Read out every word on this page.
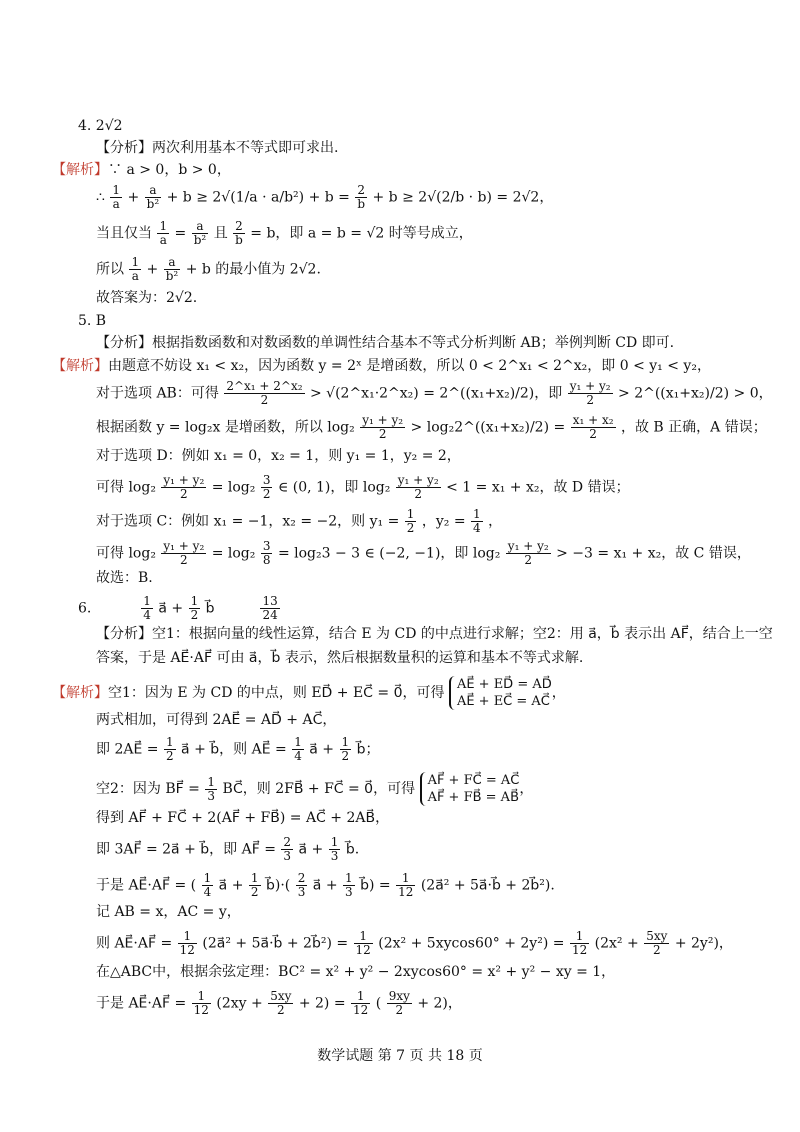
4. 2√2
【分析】两次利用基本不等式即可求出.
【解析】∵ a > 0，b > 0，
∴ $\frac{1}{a} + \frac{a}{\text{b²}} + b \ge 2√(1/a \cdot a/b^2) + b = \frac{2}{b} + b \ge 2√(2/b \cdot b) = 2√2$，
当且仅当 $\frac{1}{a} = \frac{a}{\text{b²}}$ 且 $\frac{2}{b} = b$，即 a = b = √2 时等号成立，
所以 $\frac{1}{a} + \frac{a}{\text{b²}} + b$ 的最小值为 2√2.
故答案为：2√2.
5. B
【分析】根据指数函数和对数函数的单调性结合基本不等式分析判断 AB；举例判断 CD 即可.
【解析】由题意不妨设 x₁ < x₂，因为函数 y = 2ˣ 是增函数，所以 0 < 2^x₁ < 2^x₂，即 0 < y₁ < y₂，
对于选项 AB：可得 $\frac{\text{2\textasciicircum{}x₁ + 2\textasciicircum{}x₂}}{2}$ > √(2^x₁·2^x₂) = 2^((x₁+x₂)/2)，即 $\frac{\text{y₁ + y₂}}{2}$ > 2^((x₁+x₂)/2) > 0，
根据函数 y = log₂x 是增函数，所以 $\log_2 \frac{\text{y₁ + y₂}}{2}$ > log₂2^((x₁+x₂)/2) = $\frac{\text{x₁ + x₂}}{2}$ ，故 B 正确，A 错误；
对于选项 D：例如 x₁ = 0，x₂ = 1，则 y₁ = 1，y₂ = 2，
可得 $\log_2 \frac{\text{y₁ + y₂}}{2} = \log_2 \frac{3}{2}$ ∈ (0, 1)，即 $\log_2 \frac{\text{y₁ + y₂}}{2} < 1 = x_1 + x_2$，故 D 错误；
对于选项 C：例如 x₁ = −1，x₂ = −2，则 $y_1 = \frac{1}{2}$ ，$y_2 = \frac{1}{4}$ ，
可得 $\log_2 \frac{\text{y₁ + y₂}}{2} = \log_2 \frac{3}{8} = \log_23 - 3$ ∈ (−2, −1)，即 $\log_2 \frac{\text{y₁ + y₂}}{2} > -3 = x_1 + x_2$，故 C 错误，
故选：B.
6.	$\frac{1}{4}$ a⃗ + $\frac{1}{2}$ b⃗	$\frac{13}{24}$
【分析】空1：根据向量的线性运算，结合 E 为 CD 的中点进行求解；空2：用 a⃗，b⃗ 表示出 AF⃗，结合上一空
答案，于是 AE⃗·AF⃗ 可由 a⃗，b⃗ 表示，然后根据数量积的运算和基本不等式求解.
【解析】空1：因为 E 为 CD 的中点，则 ED⃗ + EC⃗ = 0⃗，可得
AE⃗ + ED⃗ = AD⃗
AE⃗ + EC⃗ = AC⃗
，
两式相加，可得到 2AE⃗ = AD⃗ + AC⃗，
即 2AE⃗ = $\frac{1}{2}$ a⃗ + b⃗，则 AE⃗ = $\frac{1}{4}$ a⃗ + $\frac{1}{2}$ b⃗；
空2：因为 BF⃗ = $\frac{1}{3}$ BC⃗，则 2FB⃗ + FC⃗ = 0⃗，可得
AF⃗ + FC⃗ = AC⃗
AF⃗ + FB⃗ = AB⃗
，
得到 AF⃗ + FC⃗ + 2(AF⃗ + FB⃗) = AC⃗ + 2AB⃗，
即 3AF⃗ = 2a⃗ + b⃗，即 AF⃗ = $\frac{2}{3}$ a⃗ + $\frac{1}{3}$ b⃗.
于是 AE⃗·AF⃗ = ( $\frac{1}{4}$ a⃗ + $\frac{1}{2}$ b⃗)·( $\frac{2}{3}$ a⃗ + $\frac{1}{3}$ b⃗) = $\frac{1}{12}$ (2a⃗² + 5a⃗·b⃗ + 2b⃗²).
记 AB = x，AC = y，
则 AE⃗·AF⃗ = $\frac{1}{12}$ (2a⃗² + 5a⃗·b⃗ + 2b⃗²) = $\frac{1}{12} (2x^2 + 5xycos60^\circ + 2y^2) = \frac{1}{12} (2x^2 + \frac{5xy}{2} + 2y^2)$，
在△ABC中，根据余弦定理：BC² = x² + y² − 2xycos60° = x² + y² − xy = 1，
于是 AE⃗·AF⃗ = $\frac{1}{12} (2xy + \frac{5xy}{2} + 2) = \frac{1}{12}$ ( $\frac{9xy}{2} + 2$)，
数学试题 第 7 页 共 18 页
